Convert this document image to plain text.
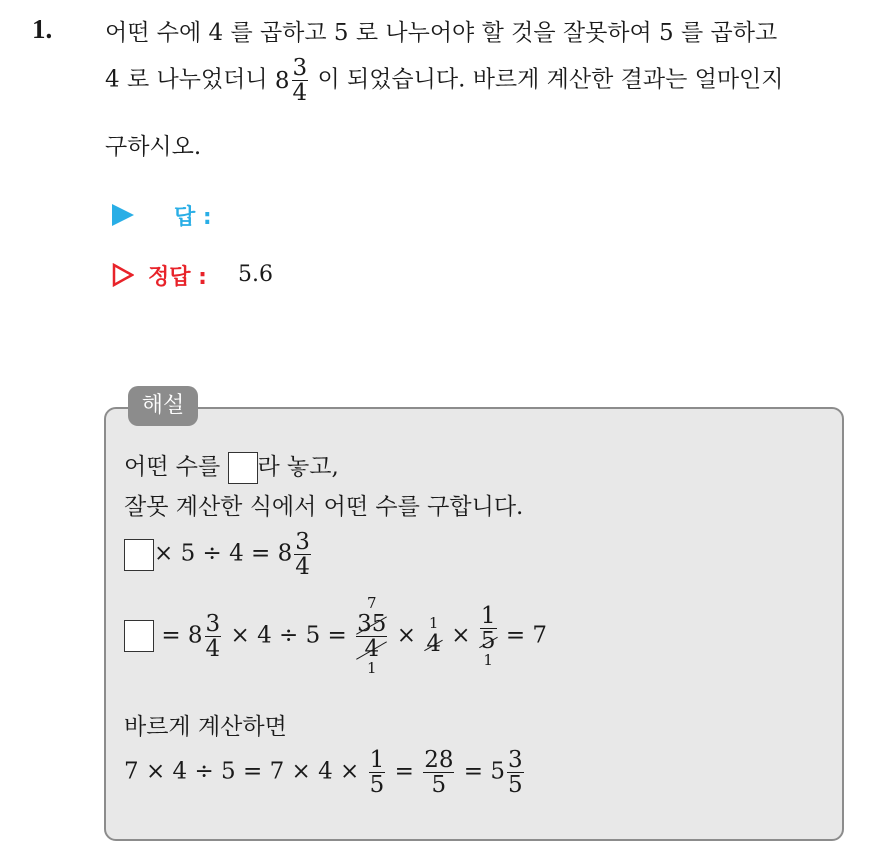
1. 어떤 수에 4 를 곱하고 5 로 나누어야 할 것을 잘못하여 5 를 곱하고
4 로 나누었더니 $8 \frac{3}{4}$ 이 되었습니다. 바르게 계산한 결과는 얼마인지
구하시오.
답 :
정답 : 5.6
해설
어떤 수를 라 놓고,
잘못 계산한 식에서 어떤 수를 구합니다.
× $5 \div 4 = 8 \frac{3}{4}$
= $8 \frac{3}{4} \times 4 \div 5$ =
7
35
4
1
× 1
4 ×
1
5
1
= 7
바르게 계산하면
$7 \times 4 \div 5 = 7 \times 4 \times \frac{1}{5} = \frac{28}{5} = 5 \frac{3}{5}$
